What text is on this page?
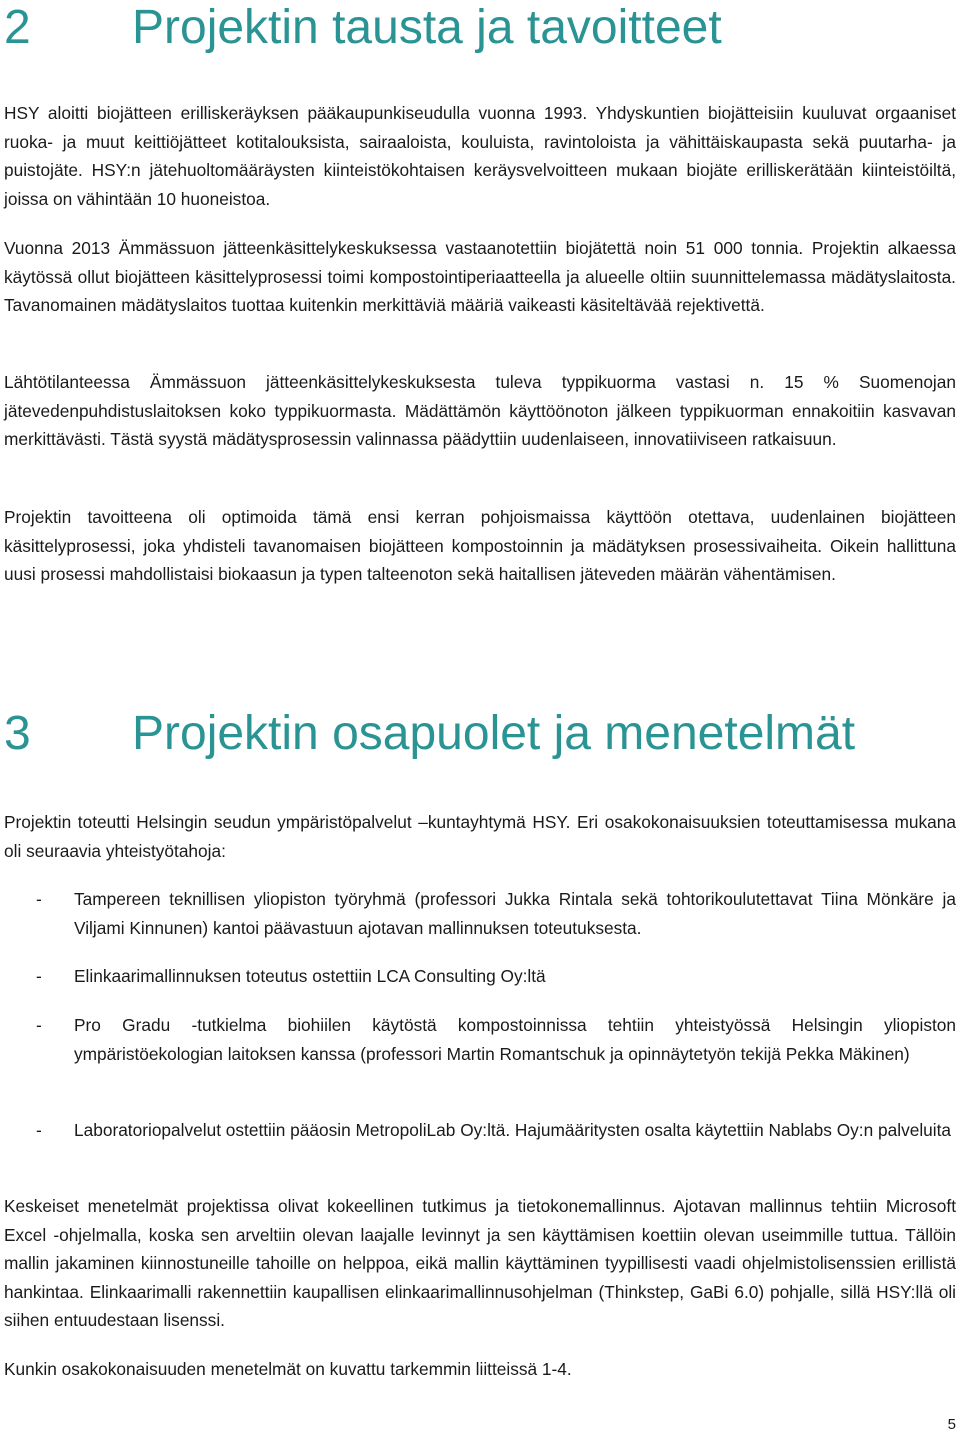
2 Projektin tausta ja tavoitteet

HSY aloitti biojätteen erilliskeräyksen pääkaupunkiseudulla vuonna 1993. Yhdyskuntien biojätteisiin kuuluvat orgaaniset ruoka- ja muut keittiöjätteet kotitalouksista, sairaaloista, kouluista, ravintoloista ja vähittäiskaupasta sekä puutarha- ja puistojäte. HSY:n jätehuoltomääräysten kiinteistökohtaisen keräysvelvoitteen mukaan biojäte erilliskerätään kiinteistöiltä, joissa on vähintään 10 huoneistoa.

Vuonna 2013 Ämmässuon jätteenkäsittelykeskuksessa vastaanotettiin biojätettä noin 51 000 tonnia. Projektin alkaessa käytössä ollut biojätteen käsittelyprosessi toimi kompostointiperiaatteella ja alueelle oltiin suunnittelemassa mädätyslaitosta. Tavanomainen mädätyslaitos tuottaa kuitenkin merkittäviä määriä vaikeasti käsiteltävää rejektivettä.

Lähtötilanteessa Ämmässuon jätteenkäsittelykeskuksesta tuleva typpikuorma vastasi n. 15 % Suomenojan jätevedenpuhdistuslaitoksen koko typpikuormasta. Mädättämön käyttöönoton jälkeen typpikuorman ennakoitiin kasvavan merkittävästi. Tästä syystä mädätysprosessin valinnassa päädyttiin uudenlaiseen, innovatiiviseen ratkaisuun.

Projektin tavoitteena oli optimoida tämä ensi kerran pohjoismaissa käyttöön otettava, uudenlainen biojätteen käsittelyprosessi, joka yhdisteli tavanomaisen biojätteen kompostoinnin ja mädätyksen prosessivaiheita. Oikein hallittuna uusi prosessi mahdollistaisi biokaasun ja typen talteenoton sekä haitallisen jäteveden määrän vähentämisen.

3 Projektin osapuolet ja menetelmät

Projektin toteutti Helsingin seudun ympäristöpalvelut –kuntayhtymä HSY. Eri osakokonaisuuksien toteuttamisessa mukana oli seuraavia yhteistyötahoja:

- Tampereen teknillisen yliopiston työryhmä (professori Jukka Rintala sekä tohtorikoulutettavat Tiina Mönkäre ja Viljami Kinnunen) kantoi päävastuun ajotavan mallinnuksen toteutuksesta.
- Elinkaarimallinnuksen toteutus ostettiin LCA Consulting Oy:ltä
- Pro Gradu -tutkielma biohiilen käytöstä kompostoinnissa tehtiin yhteistyössä Helsingin yliopiston ympäristöekologian laitoksen kanssa (professori Martin Romantschuk ja opinnäytetyön tekijä Pekka Mäkinen)
- Laboratoriopalvelut ostettiin pääosin MetropoliLab Oy:ltä. Hajumääritysten osalta käytettiin Nablabs Oy:n palveluita

Keskeiset menetelmät projektissa olivat kokeellinen tutkimus ja tietokonemallinnus. Ajotavan mallinnus tehtiin Microsoft Excel -ohjelmalla, koska sen arveltiin olevan laajalle levinnyt ja sen käyttämisen koettiin olevan useimmille tuttua. Tällöin mallin jakaminen kiinnostuneille tahoille on helppoa, eikä mallin käyttäminen tyypillisesti vaadi ohjelmistolisenssien erillistä hankintaa. Elinkaarimalli rakennettiin kaupallisen elinkaarimallinnusohjelman (Thinkstep, GaBi 6.0) pohjalle, sillä HSY:llä oli siihen entuudestaan lisenssi.

Kunkin osakokonaisuuden menetelmät on kuvattu tarkemmin liitteissä 1-4.

5
